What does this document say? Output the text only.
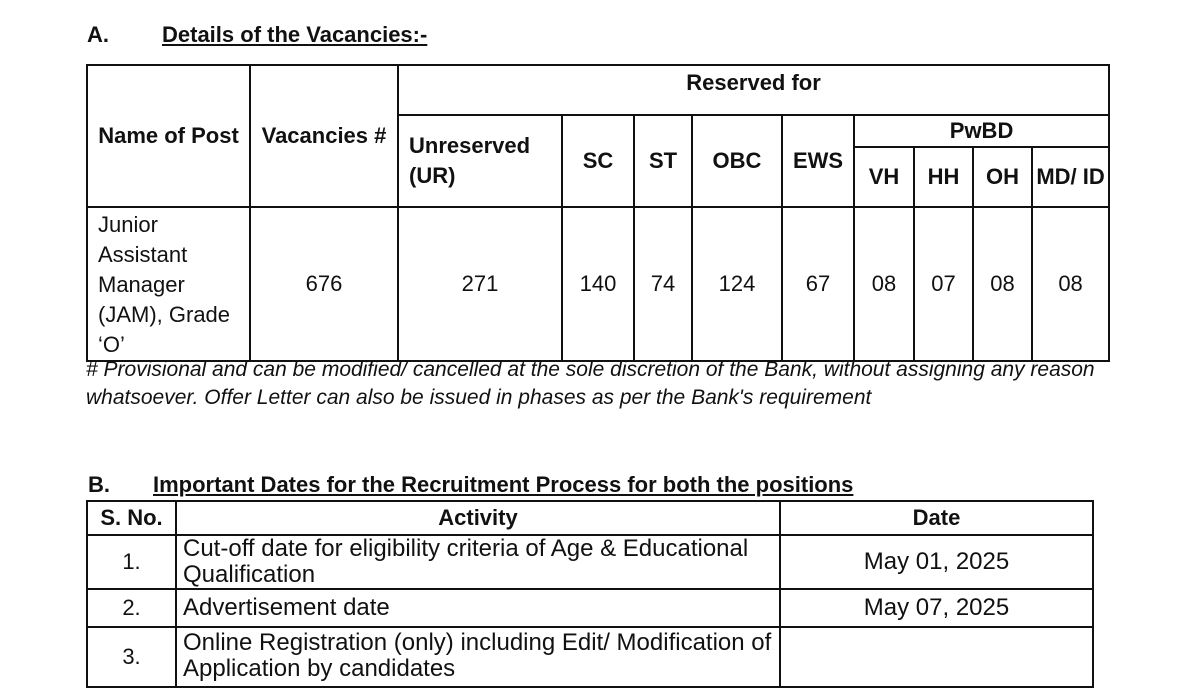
A. Details of the Vacancies:-
Name of Post	Vacancies #	Reserved for								
		Unreserved (UR)	SC	ST	OBC	EWS	PwBD			
							VH	HH	OH	MD/ ID
Junior Assistant Manager (JAM), Grade ‘O’	676	271	140	74	124	67	08	07	08	08
# Provisional and can be modified/ cancelled at the sole discretion of the Bank, without assigning any reason whatsoever. Offer Letter can also be issued in phases as per the Bank's requirement
B. Important Dates for the Recruitment Process for both the positions
S. No.	Activity	Date
1.	Cut-off date for eligibility criteria of Age & Educational Qualification	May 01, 2025
2.	Advertisement date	May 07, 2025
3.	Online Registration (only) including Edit/ Modification of Application by candidates	
